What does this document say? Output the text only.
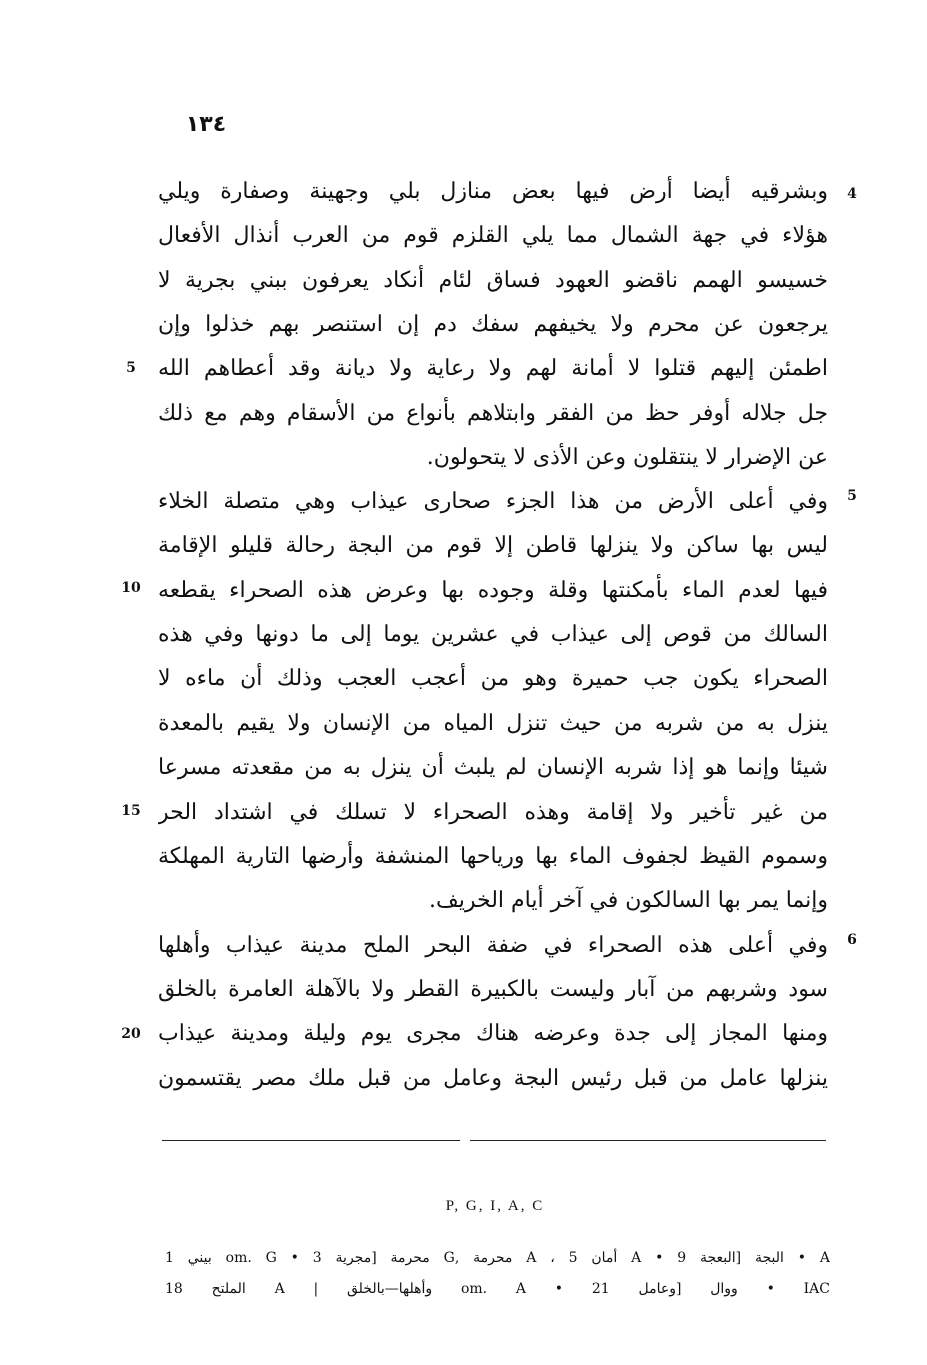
١٣٤
4
5
6
5
10
15
20
وبشرقيه أيضا أرض فيها بعض منازل بلي وجهينة وصفارة ويلي
هؤلاء في جهة الشمال مما يلي القلزم قوم من العرب أنذال الأفعال
خسيسو الهمم ناقضو العهود فساق لئام أنكاد يعرفون ببني بجرية لا
يرجعون عن محرم ولا يخيفهم سفك دم إن استنصر بهم خذلوا وإن
اطمئن إليهم قتلوا لا أمانة لهم ولا رعاية ولا ديانة وقد أعطاهم الله
جل جلاله أوفر حظ من الفقر وابتلاهم بأنواع من الأسقام وهم مع ذلك
عن الإضرار لا ينتقلون وعن الأذى لا يتحولون.
وفي أعلى الأرض من هذا الجزء صحارى عيذاب وهي متصلة الخلاء
ليس بها ساكن ولا ينزلها قاطن إلا قوم من البجة رحالة قليلو الإقامة
فيها لعدم الماء بأمكنتها وقلة وجوده بها وعرض هذه الصحراء يقطعه
السالك من قوص إلى عيذاب في عشرين يوما إلى ما دونها وفي هذه
الصحراء يكون جب حميرة وهو من أعجب العجب وذلك أن ماءه لا
ينزل به من شربه من حيث تنزل المياه من الإنسان ولا يقيم بالمعدة
شيئا وإنما هو إذا شربه الإنسان لم يلبث أن ينزل به من مقعدته مسرعا
من غير تأخير ولا إقامة وهذه الصحراء لا تسلك في اشتداد الحر
وسموم القيظ لجفوف الماء بها ورياحها المنشفة وأرضها التارية المهلكة
وإنما يمر بها السالكون في آخر أيام الخريف.
وفي أعلى هذه الصحراء في ضفة البحر الملح مدينة عيذاب وأهلها
سود وشربهم من آبار وليست بالكبيرة القطر ولا بالآهلة العامرة بالخلق
ومنها المجاز إلى جدة وعرضه هناك مجرى يوم وليلة ومدينة عيذاب
ينزلها عامل من قبل رئيس البجة وعامل من قبل ملك مصر يقتسمون
P, G, I, A, C
A • البجة [البعجة 9 • A أمان 5 ، A محرمة ,G محرمة [مجرية 3 • om. G بيني 1
IAC • ووال [وعامل 21 • om. A وأهلها—بالخلق | A الملتح 18
